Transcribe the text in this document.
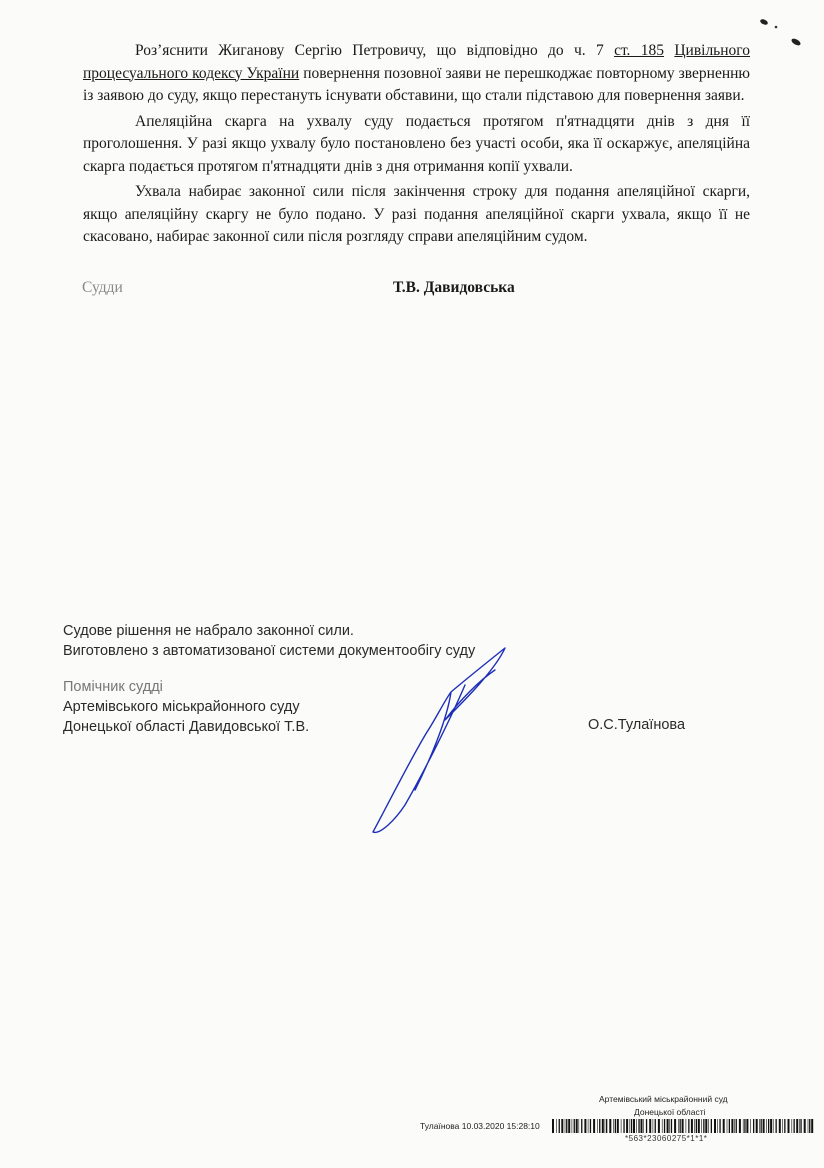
Роз’яснити Жиганову Сергію Петровичу, що відповідно до ч. 7 ст. 185 Цивільного процесуального кодексу України повернення позовної заяви не перешкоджає повторному зверненню із заявою до суду, якщо перестануть існувати обставини, що стали підставою для повернення заяви.

Апеляційна скарга на ухвалу суду подається протягом п'ятнадцяти днів з дня її проголошення. У разі якщо ухвалу було постановлено без участі особи, яка її оскаржує, апеляційна скарга подається протягом п'ятнадцяти днів з дня отримання копії ухвали.

Ухвала набирає законної сили після закінчення строку для подання апеляційної скарги, якщо апеляційну скаргу не було подано. У разі подання апеляційної скарги ухвала, якщо її не скасовано, набирає законної сили після розгляду справи апеляційним судом.

Судди	Т.В. Давидовська
Судове рішення не набрало законної сили.
Виготовлено з автоматизованої системи документообігу суду
Помічник судді
Артемівського міськрайонного суду
Донецької області Давидовської Т.В.	О.С.Тулаїнова
Артемівський міськрайонний суд
Донецької області
Тулаїнова 10.03.2020 15:28:10
*563*23060275*1*1*
